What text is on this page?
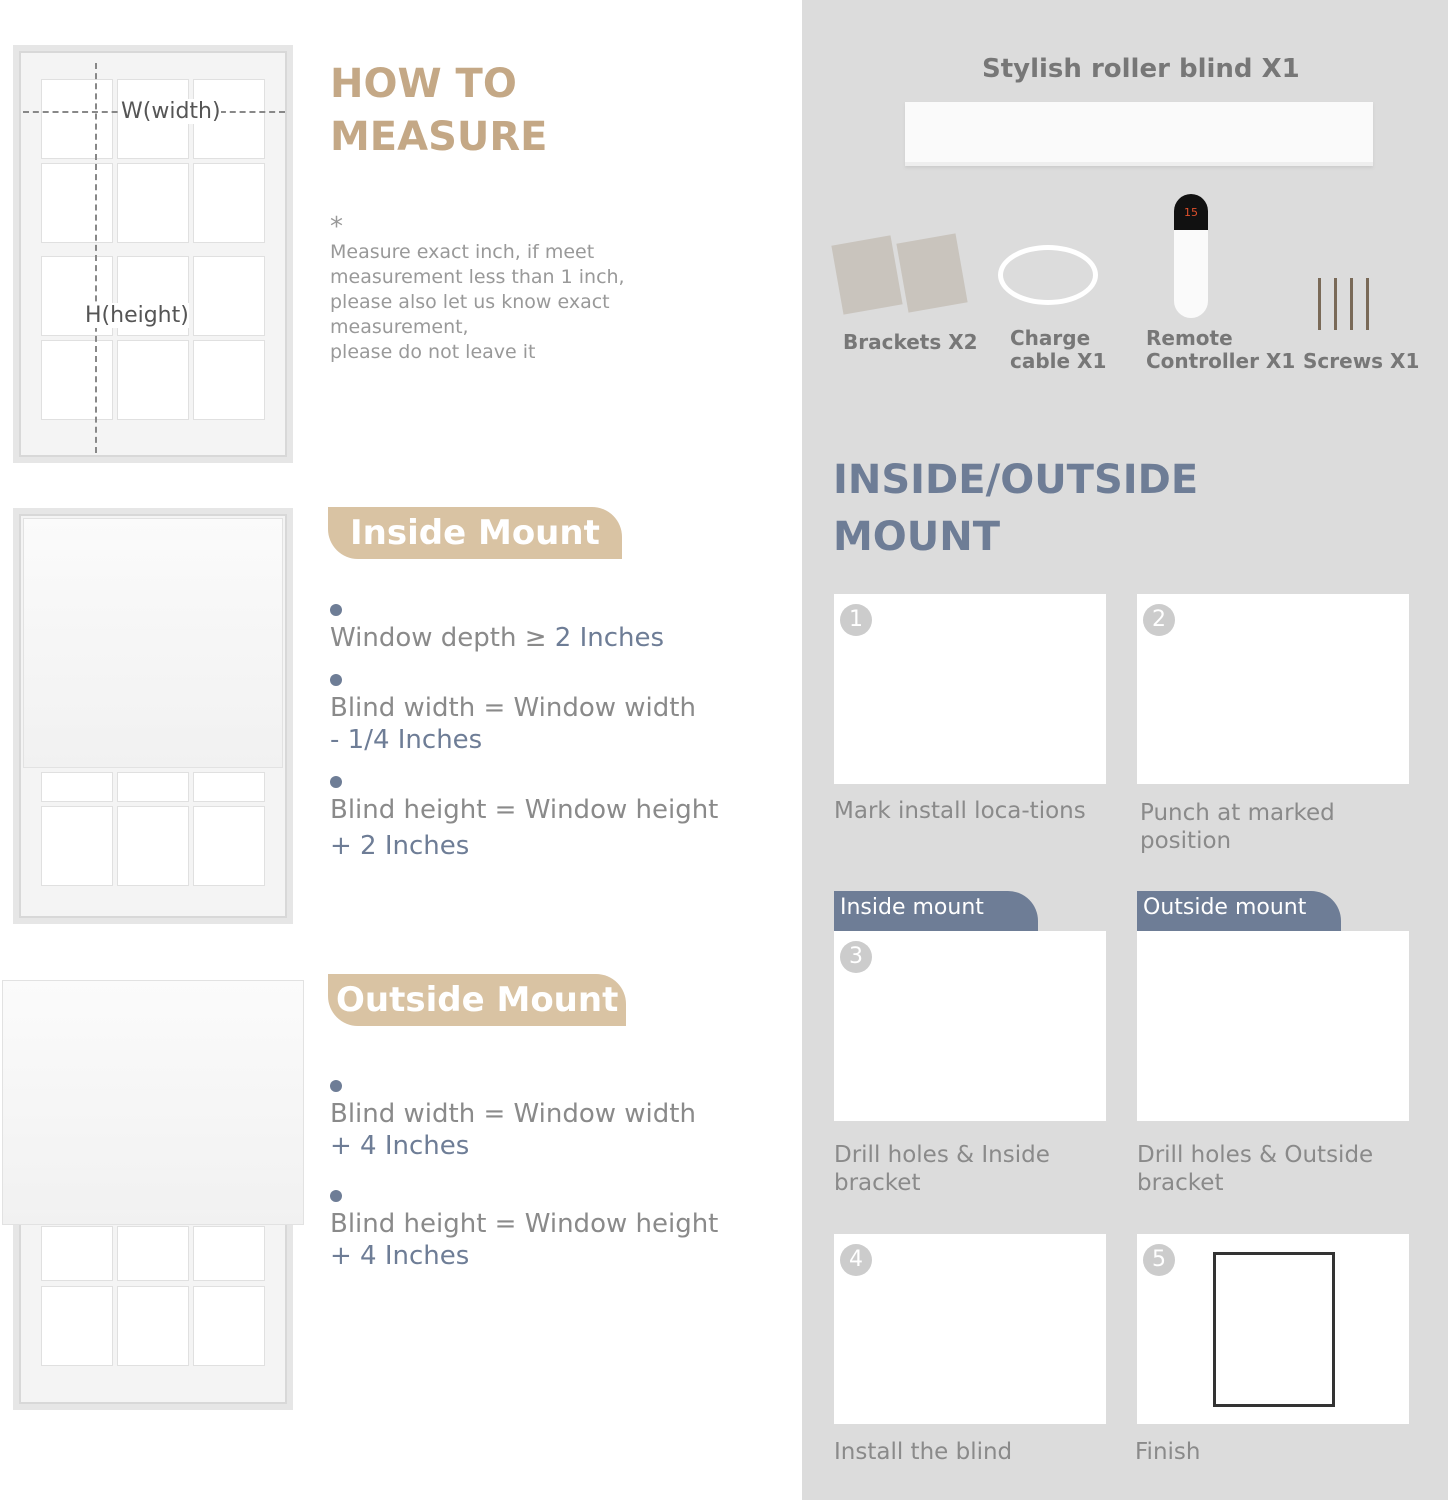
W(width)
H(height)
HOW TO
MEASURE
*
Measure exact inch, if meet
measurement less than 1 inch,
please also let us know exact
measurement,
please do not leave it
Inside Mount
Window depth ≥ 2 Inches
Blind width = Window width
- 1/4 Inches
Blind height = Window height
+ 2 Inches
Outside Mount
Blind width = Window width
+ 4 Inches
Blind height = Window height
+ 4 Inches
Stylish roller blind X1
15
Brackets X2 Charge
cable X1
Remote
Controller X1 Screws X1
INSIDE/OUTSIDE
MOUNT
1	2
Mark install loca-tions Punch at marked
position
Inside mount	Outside mount
3
Drill holes & Inside
bracket
Drill holes & Outside
bracket
4	5
Install the blind	Finish
